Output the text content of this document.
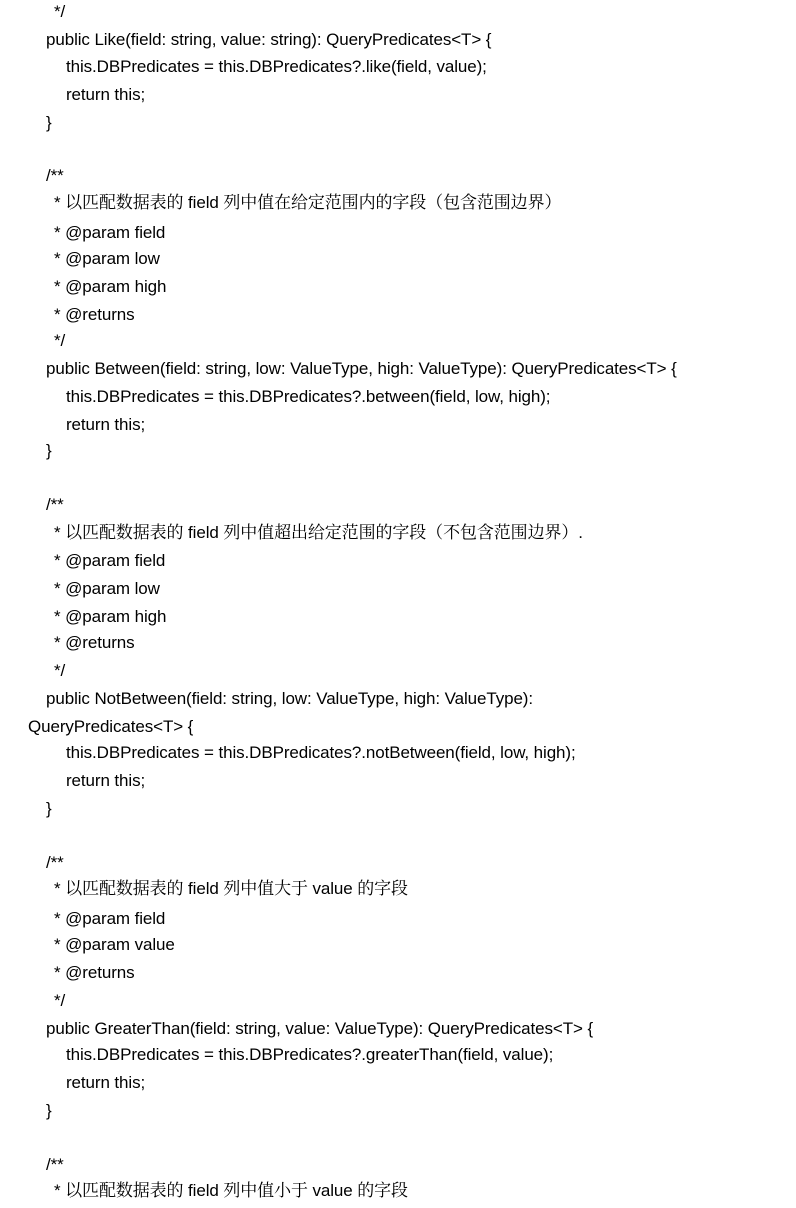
*/

public Like(field: string, value: string): QueryPredicates<T> {

this.DBPredicates = this.DBPredicates?.like(field, value);

return this;

}

/**

* 以匹配数据表的 field 列中值在给定范围内的字段（包含范围边界）

* @param field

* @param low

* @param high

* @returns

*/

public Between(field: string, low: ValueType, high: ValueType): QueryPredicates<T> {

this.DBPredicates = this.DBPredicates?.between(field, low, high);

return this;

}

/**

* 以匹配数据表的 field 列中值超出给定范围的字段（不包含范围边界）.

* @param field

* @param low

* @param high

* @returns

*/

public NotBetween(field: string, low: ValueType, high: ValueType):

QueryPredicates<T> {

this.DBPredicates = this.DBPredicates?.notBetween(field, low, high);

return this;

}

/**

* 以匹配数据表的 field 列中值大于 value 的字段

* @param field

* @param value

* @returns

*/

public GreaterThan(field: string, value: ValueType): QueryPredicates<T> {

this.DBPredicates = this.DBPredicates?.greaterThan(field, value);

return this;

}

/**

* 以匹配数据表的 field 列中值小于 value 的字段
